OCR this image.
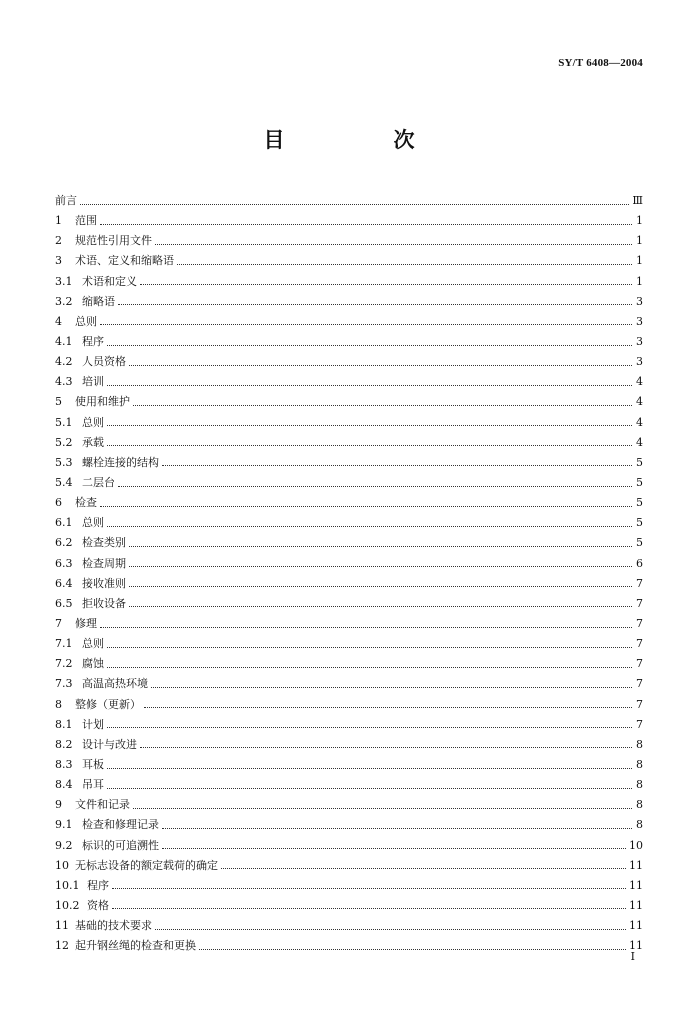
SY/T 6408—2004
目　次
前言	Ⅲ
1	范围	1
2	规范性引用文件	1
3	术语、定义和缩略语	1
3.1 术语和定义	1
3.2 缩略语	3
4	总则	3
4.1 程序	3
4.2 人员资格	3
4.3 培训	4
5	使用和维护	4
5.1 总则	4
5.2 承载	4
5.3 螺栓连接的结构	5
5.4 二层台	5
6	检查	5
6.1 总则	5
6.2 检查类别	5
6.3 检查周期	6
6.4 接收准则	7
6.5 拒收设备	7
7	修理	7
7.1 总则	7
7.2 腐蚀	7
7.3 高温高热环境	7
8	整修（更新）	7
8.1 计划	7
8.2 设计与改进	8
8.3 耳板	8
8.4 吊耳	8
9	文件和记录	8
9.1 检查和修理记录	8
9.2 标识的可追溯性	10
10 无标志设备的额定载荷的确定	11
10.1 程序	11
10.2 资格	11
11 基础的技术要求	11
12 起升钢丝绳的检查和更换	11
Ⅰ
